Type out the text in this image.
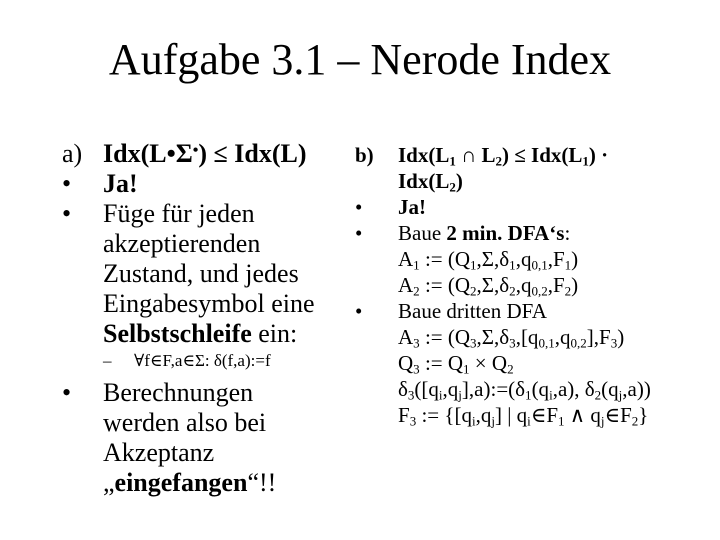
Aufgabe 3.1 – Nerode Index
a) Idx(L•Σ•) ≤ Idx(L)
• Ja!
• Füge für jeden
akzeptierenden
Zustand, und jedes
Eingabesymbol eine
Selbstschleife ein:
– ∀f∈F,a∈Σ: δ(f,a):=f
• Berechnungen
werden also bei
Akzeptanz
„eingefangen“!!
b) $Idx(L_1$ ∩ $L_2) \le Idx(L_1)$ ·
$Idx(L_2)$
• Ja!
• Baue 2 min. DFA‘s:
$A_1$ := $(Q_1,\Sigma,\delta_1,q_{0,1},F_1)$
$A_2$ := $(Q_2,\Sigma,\delta_2,q_{0,2},F_2)$
• Baue dritten DFA
$A_3$ := $(Q_3,\Sigma,\delta_3,[q_{0,1},q_{0,2}],F_3)$
$Q_3$ := $Q_1 \times Q_2$
$\delta_3([q_i,q_j],a):=(\delta_1(q_i,a)$, $\delta_2(q_j,a)$)
$F_3$ := {$[q_i,q_j]$ | $q_i\in F_1$ ∧ $q_j\in F_2$}
